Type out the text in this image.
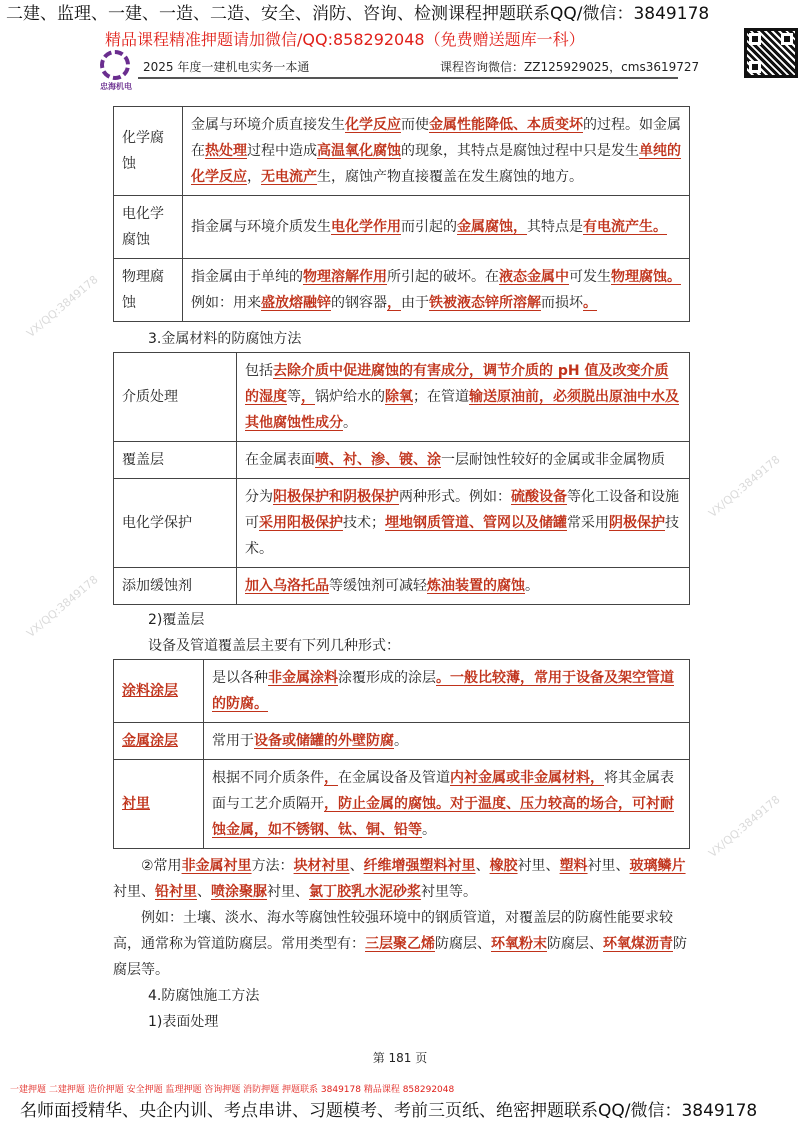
二建、监理、一建、一造、二造、安全、消防、咨询、检测课程押题联系QQ/微信：3849178
精品课程精准押题请加微信/QQ:858292048（免费赠送题库一科）
忠海机电
2025 年度一建机电实务一本通	课程咨询微信：ZZ125929025，cms3619727
化学腐蚀	金属与环境介质直接发生化学反应而使金属性能降低、本质变坏的过程。如金属在热处理过程中造成高温氧化腐蚀的现象，其特点是腐蚀过程中只是发生单纯的化学反应，无电流产生，腐蚀产物直接覆盖在发生腐蚀的地方。
电化学腐蚀	指金属与环境介质发生电化学作用而引起的金属腐蚀，其特点是有电流产生。
物理腐蚀	指金属由于单纯的物理溶解作用所引起的破坏。在液态金属中可发生物理腐蚀。例如：用来盛放熔融锌的钢容器，由于铁被液态锌所溶解而损坏。
3.金属材料的防腐蚀方法
介质处理	包括去除介质中促进腐蚀的有害成分，调节介质的 pH 值及改变介质的湿度等，锅炉给水的除氧；在管道输送原油前，必须脱出原油中水及其他腐蚀性成分。
覆盖层	在金属表面喷、衬、渗、镀、涂一层耐蚀性较好的金属或非金属物质
电化学保护	分为阳极保护和阴极保护两种形式。例如：硫酸设备等化工设备和设施可采用阳极保护技术；埋地钢质管道、管网以及储罐常采用阴极保护技术。
添加缓蚀剂	加入乌洛托品等缓蚀剂可减轻炼油装置的腐蚀。
2)覆盖层
设备及管道覆盖层主要有下列几种形式：
涂料涂层	是以各种非金属涂料涂覆形成的涂层。一般比较薄，常用于设备及架空管道的防腐。
金属涂层	常用于设备或储罐的外壁防腐。
衬里	根据不同介质条件，在金属设备及管道内衬金属或非金属材料，将其金属表面与工艺介质隔开，防止金属的腐蚀。对于温度、压力较高的场合，可衬耐蚀金属，如不锈钢、钛、铜、铅等。

②常用非金属衬里方法：块材衬里、纤维增强塑料衬里、橡胶衬里、塑料衬里、玻璃鳞片衬里、铅衬里、喷涂聚脲衬里、氯丁胶乳水泥砂浆衬里等。

例如：土壤、淡水、海水等腐蚀性较强环境中的钢质管道，对覆盖层的防腐性能要求较高，通常称为管道防腐层。常用类型有：三层聚乙烯防腐层、环氧粉末防腐层、环氧煤沥青防腐层等。

4.防腐蚀施工方法
1)表面处理
第 181 页
一建押题 二建押题 造价押题 安全押题 监理押题 咨询押题 消防押题 押题联系 3849178 精品课程 858292048
名师面授精华、央企内训、考点串讲、习题模考、考前三页纸、绝密押题联系QQ/微信：3849178
VX/QQ:3849178
VX/QQ:3849178
VX/QQ:3849178
VX/QQ:3849178
